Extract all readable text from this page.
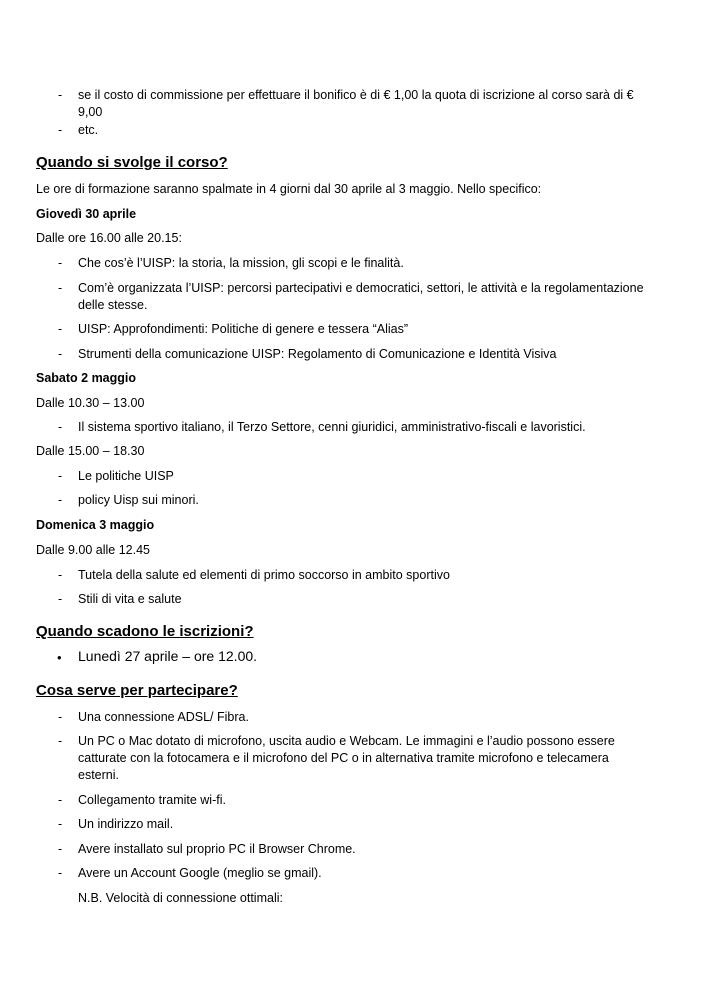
- se il costo di commissione per effettuare il bonifico è di € 1,00 la quota di iscrizione al corso sarà di €
9,00
- etc.
Quando si svolge il corso?
Le ore di formazione saranno spalmate in 4 giorni dal 30 aprile al 3 maggio. Nello specifico:
Giovedì 30 aprile
Dalle ore 16.00 alle 20.15:
- Che cos’è l’UISP: la storia, la mission, gli scopi e le finalità.
- Com’è organizzata l’UISP: percorsi partecipativi e democratici, settori, le attività e la regolamentazione
delle stesse.
- UISP: Approfondimenti: Politiche di genere e tessera “Alias”
- Strumenti della comunicazione UISP: Regolamento di Comunicazione e Identità Visiva
Sabato 2 maggio
Dalle 10.30 – 13.00
- Il sistema sportivo italiano, il Terzo Settore, cenni giuridici, amministrativo-fiscali e lavoristici.
Dalle 15.00 – 18.30
- Le politiche UISP
- policy Uisp sui minori.
Domenica 3 maggio
Dalle 9.00 alle 12.45
- Tutela della salute ed elementi di primo soccorso in ambito sportivo
- Stili di vita e salute
Quando scadono le iscrizioni?
• Lunedì 27 aprile – ore 12.00.
Cosa serve per partecipare?
- Una connessione ADSL/ Fibra.
- Un PC o Mac dotato di microfono, uscita audio e Webcam. Le immagini e l’audio possono essere
catturate con la fotocamera e il microfono del PC o in alternativa tramite microfono e telecamera
esterni.
- Collegamento tramite wi-fi.
- Un indirizzo mail.
- Avere installato sul proprio PC il Browser Chrome.
- Avere un Account Google (meglio se gmail).
N.B. Velocità di connessione ottimali:
